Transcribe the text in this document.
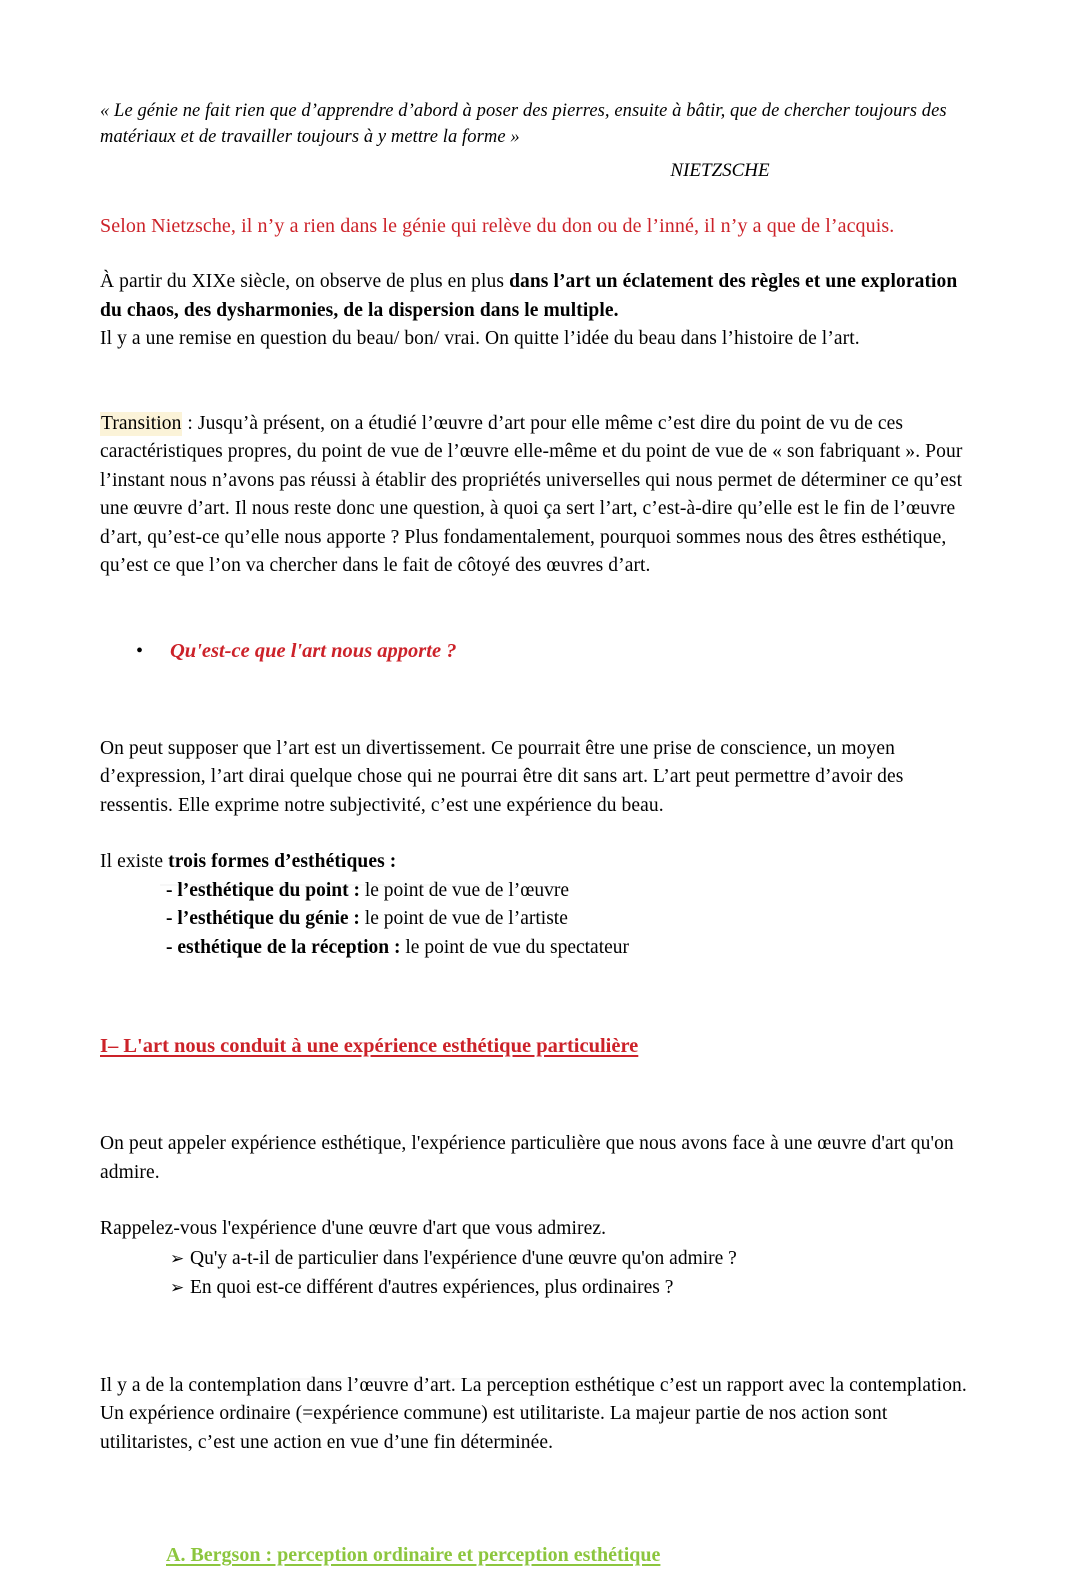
« Le génie ne fait rien que d’apprendre d’abord à poser des pierres, ensuite à bâtir, que de chercher toujours des matériaux et de travailler toujours à y mettre la forme »

NIETZSCHE

Selon Nietzsche, il n’y a rien dans le génie qui relève du don ou de l’inné, il n’y a que de l’acquis.

À partir du XIXe siècle, on observe de plus en plus dans l’art un éclatement des règles et une exploration du chaos, des dysharmonies, de la dispersion dans le multiple.

Il y a une remise en question du beau/ bon/ vrai. On quitte l’idée du beau dans l’histoire de l’art.

Transition : Jusqu’à présent, on a étudié l’œuvre d’art pour elle même c’est dire du point de vu de ces caractéristiques propres, du point de vue de l’œuvre elle-même et du point de vue de « son fabriquant ». Pour l’instant nous n’avons pas réussi à établir des propriétés universelles qui nous permet de déterminer ce qu’est une œuvre d’art. Il nous reste donc une question, à quoi ça sert l’art, c’est-à-dire qu’elle est le fin de l’œuvre d’art, qu’est-ce qu’elle nous apporte ? Plus fondamentalement, pourquoi sommes nous des êtres esthétique, qu’est ce que l’on va chercher dans le fait de côtoyé des œuvres d’art.

•	Qu'est-ce que l'art nous apporte ?

On peut supposer que l’art est un divertissement. Ce pourrait être une prise de conscience, un moyen d’expression, l’art dirai quelque chose qui ne pourrai être dit sans art. L’art peut permettre d’avoir des ressentis. Elle exprime notre subjectivité, c’est une expérience du beau.

Il existe trois formes d’esthétiques :

- l’esthétique du point : le point de vue de l’œuvre
- l’esthétique du génie : le point de vue de l’artiste
- esthétique de la réception : le point de vue du spectateur
I– L'art nous conduit à une expérience esthétique particulière

On peut appeler expérience esthétique, l'expérience particulière que nous avons face à une œuvre d'art qu'on admire.

Rappelez-vous l'expérience d'une œuvre d'art que vous admirez.

➢ Qu'y a-t-il de particulier dans l'expérience d'une œuvre qu'on admire ?
➢ En quoi est-ce différent d'autres expériences, plus ordinaires ?

Il y a de la contemplation dans l’œuvre d’art. La perception esthétique c’est un rapport avec la contemplation.

Un expérience ordinaire (=expérience commune) est utilitariste. La majeur partie de nos action sont utilitaristes, c’est une action en vue d’une fin déterminée.

A. Bergson : perception ordinaire et perception esthétique
